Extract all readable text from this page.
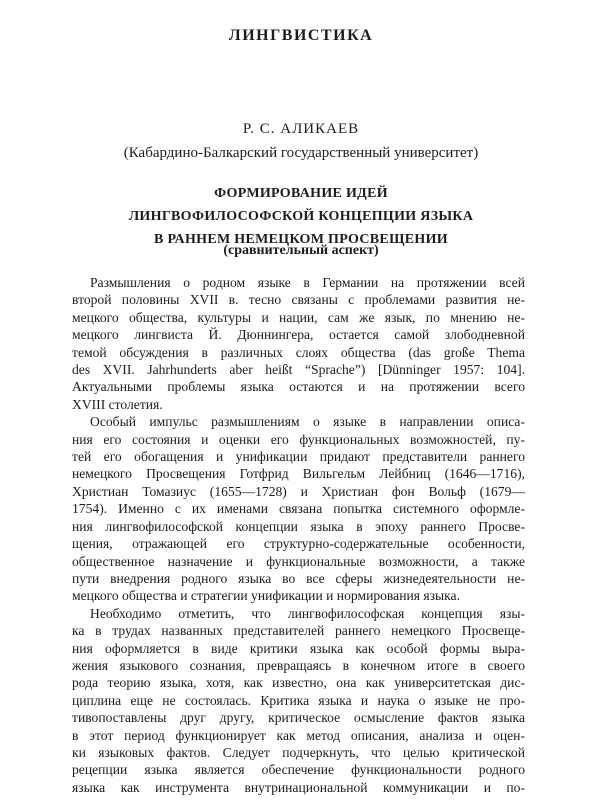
ЛИНГВИСТИКА
Р. С. АЛИКАЕВ
(Кабардино-Балкарский государственный университет)
ФОРМИРОВАНИЕ ИДЕЙ
ЛИНГВОФИЛОСОФСКОЙ КОНЦЕПЦИИ ЯЗЫКА
В РАННЕМ НЕМЕЦКОМ ПРОСВЕЩЕНИИ
(сравнительный аспект)
Размышления о родном языке в Германии на протяжении всей
второй половины XVII в. тесно связаны с проблемами развития не-
мецкого общества, культуры и нации, сам же язык, по мнению не-
мецкого лингвиста Й. Дюннингера, остается самой злободневной
темой обсуждения в различных слоях общества (das große Thema
des XVII. Jahrhunderts aber heißt “Sprache”) [Dünninger 1957: 104].
Актуальными проблемы языка остаются и на протяжении всего
XVIII столетия.
Особый импульс размышлениям о языке в направлении описа-
ния его состояния и оценки его функциональных возможностей, пу-
тей его обогащения и унификации придают представители раннего
немецкого Просвещения Готфрид Вильгельм Лейбниц (1646—1716),
Христиан Томазиус (1655—1728) и Христиан фон Вольф (1679—
1754). Именно с их именами связана попытка системного оформле-
ния лингвофилософской концепции языка в эпоху раннего Просве-
щения, отражающей его структурно-содержательные особенности,
общественное назначение и функциональные возможности, а также
пути внедрения родного языка во все сферы жизнедеятельности не-
мецкого общества и стратегии унификации и нормирования языка.
Необходимо отметить, что лингвофилософская концепция язы-
ка в трудах названных представителей раннего немецкого Просвеще-
ния оформляется в виде критики языка как особой формы выра-
жения языкового сознания, превращаясь в конечном итоге в своего
рода теорию языка, хотя, как известно, она как университетская дис-
циплина еще не состоялась. Критика языка и наука о языке не про-
тивопоставлены друг другу, критическое осмысление фактов языка
в этот период функционирует как метод описания, анализа и оцен-
ки языковых фактов. Следует подчеркнуть, что целью критической
рецепции языка является обеспечение функциональности родного
языка как инструмента внутринациональной коммуникации и по-
